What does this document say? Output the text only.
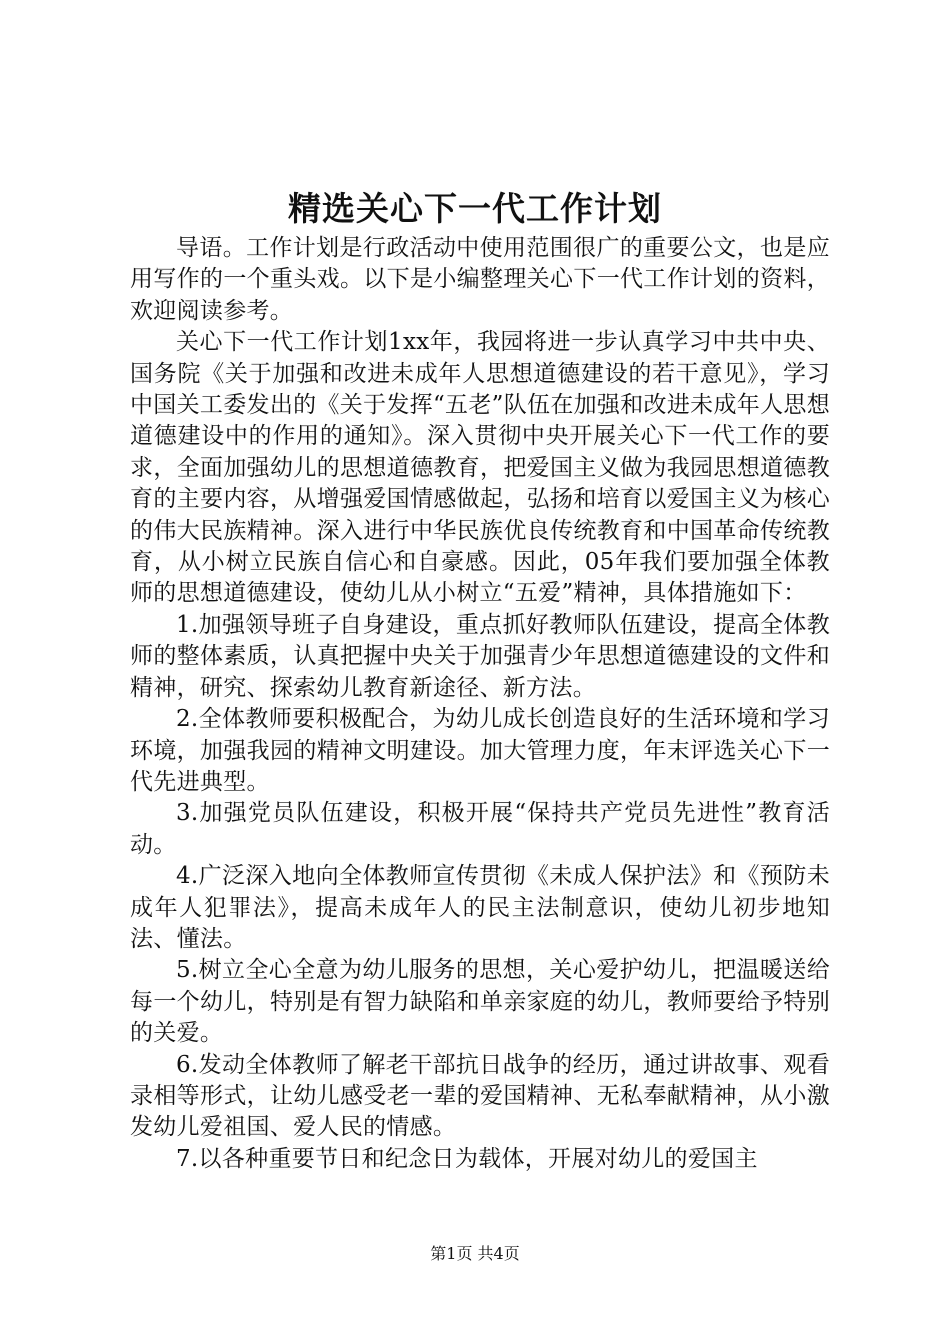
精选关心下一代工作计划

导语。工作计划是行政活动中使用范围很广的重要公文，也是应用写作的一个重头戏。以下是小编整理关心下一代工作计划的资料，欢迎阅读参考。

关心下一代工作计划1xx年，我园将进一步认真学习中共中央、国务院《关于加强和改进未成年人思想道德建设的若干意见》，学习中国关工委发出的《关于发挥“五老”队伍在加强和改进未成年人思想道德建设中的作用的通知》。深入贯彻中央开展关心下一代工作的要求，全面加强幼儿的思想道德教育，把爱国主义做为我园思想道德教育的主要内容，从增强爱国情感做起，弘扬和培育以爱国主义为核心的伟大民族精神。深入进行中华民族优良传统教育和中国革命传统教育，从小树立民族自信心和自豪感。因此，05年我们要加强全体教师的思想道德建设，使幼儿从小树立“五爱”精神，具体措施如下：

1.加强领导班子自身建设，重点抓好教师队伍建设，提高全体教师的整体素质，认真把握中央关于加强青少年思想道德建设的文件和精神，研究、探索幼儿教育新途径、新方法。

2.全体教师要积极配合，为幼儿成长创造良好的生活环境和学习环境，加强我园的精神文明建设。加大管理力度，年末评选关心下一代先进典型。

3.加强党员队伍建设，积极开展“保持共产党员先进性”教育活动。

4.广泛深入地向全体教师宣传贯彻《未成人保护法》和《预防未成年人犯罪法》，提高未成年人的民主法制意识，使幼儿初步地知法、懂法。

5.树立全心全意为幼儿服务的思想，关心爱护幼儿，把温暖送给每一个幼儿，特别是有智力缺陷和单亲家庭的幼儿，教师要给予特别的关爱。

6.发动全体教师了解老干部抗日战争的经历，通过讲故事、观看录相等形式，让幼儿感受老一辈的爱国精神、无私奉献精神，从小激发幼儿爱祖国、爱人民的情感。

7.以各种重要节日和纪念日为载体，开展对幼儿的爱国主

第1页 共4页
